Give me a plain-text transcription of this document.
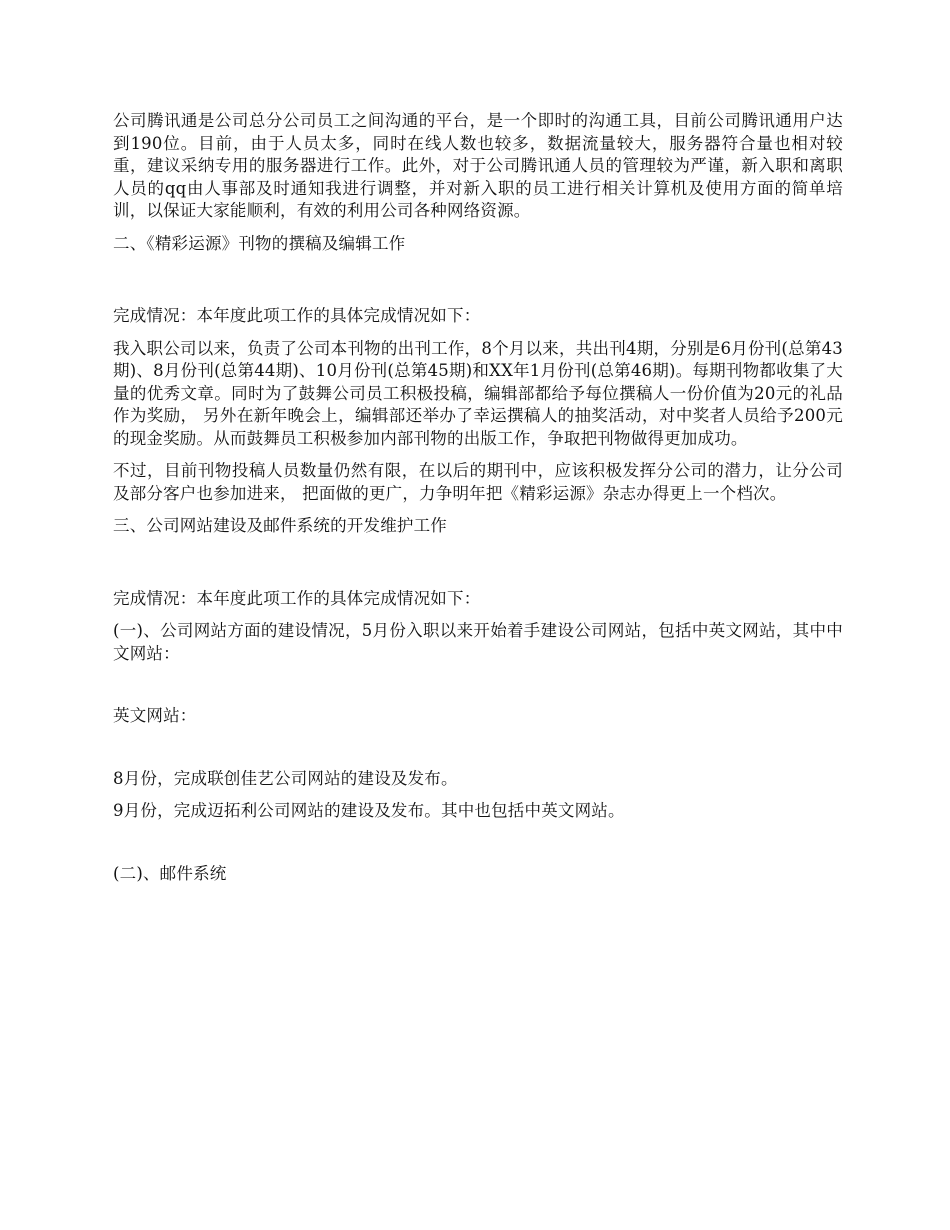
公司腾讯通是公司总分公司员工之间沟通的平台，是一个即时的沟通工具，目前公司腾讯通用户达到190位。目前，由于人员太多，同时在线人数也较多，数据流量较大，服务器符合量也相对较重，建议采纳专用的服务器进行工作。此外，对于公司腾讯通人员的管理较为严谨，新入职和离职人员的qq由人事部及时通知我进行调整，并对新入职的员工进行相关计算机及使用方面的简单培训，以保证大家能顺利，有效的利用公司各种网络资源。

二、《精彩运源》刊物的撰稿及编辑工作

完成情况：本年度此项工作的具体完成情况如下：

我入职公司以来，负责了公司本刊物的出刊工作，8个月以来，共出刊4期，分别是6月份刊(总第43期)、8月份刊(总第44期)、10月份刊(总第45期)和XX年1月份刊(总第46期)。每期刊物都收集了大量的优秀文章。同时为了鼓舞公司员工积极投稿，编辑部都给予每位撰稿人一份价值为20元的礼品作为奖励， 另外在新年晚会上，编辑部还举办了幸运撰稿人的抽奖活动，对中奖者人员给予200元的现金奖励。从而鼓舞员工积极参加内部刊物的出版工作，争取把刊物做得更加成功。

不过，目前刊物投稿人员数量仍然有限，在以后的期刊中，应该积极发挥分公司的潜力，让分公司及部分客户也参加进来， 把面做的更广，力争明年把《精彩运源》杂志办得更上一个档次。

三、公司网站建设及邮件系统的开发维护工作

完成情况：本年度此项工作的具体完成情况如下：

(一)、公司网站方面的建设情况，5月份入职以来开始着手建设公司网站，包括中英文网站，其中中文网站：

英文网站：

8月份，完成联创佳艺公司网站的建设及发布。

9月份，完成迈拓利公司网站的建设及发布。其中也包括中英文网站。

(二)、邮件系统
